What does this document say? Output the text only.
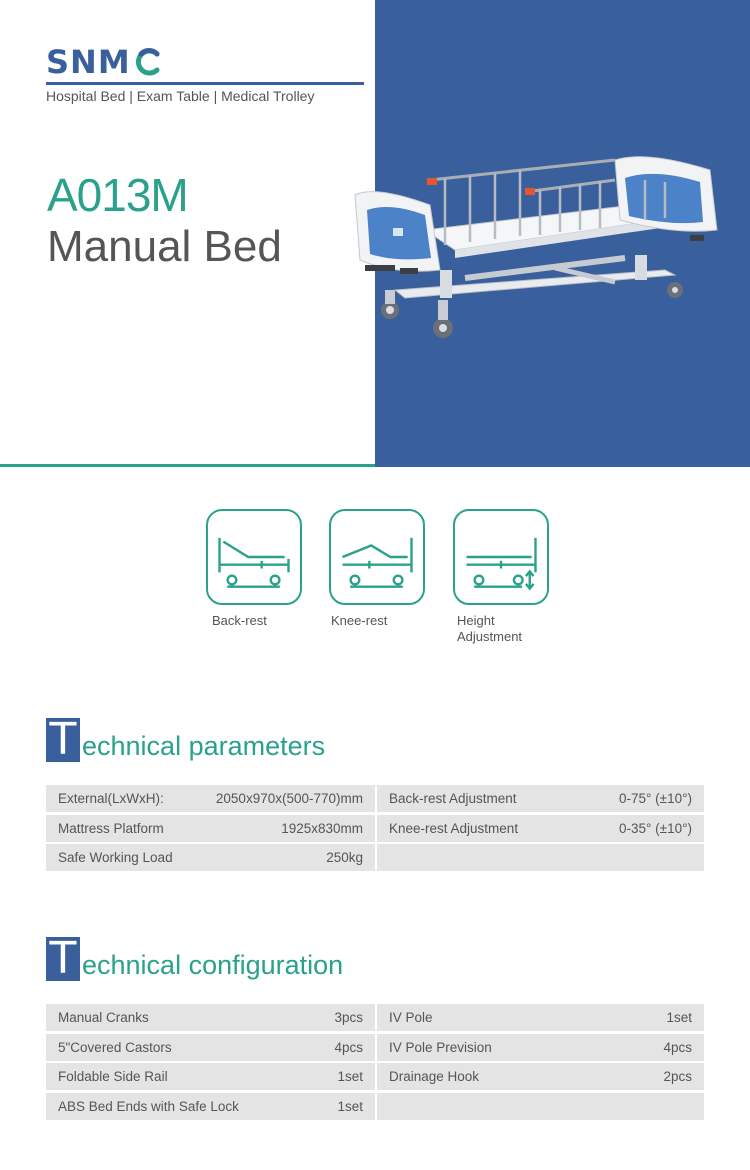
SNM
Hospital Bed | Exam Table | Medical Trolley
A013M
Manual Bed
Back-rest	Knee-rest	Height
Adjustment
T echnical parameters
External(LxWxH):	2050x970x(500-770)mm Back-rest Adjustment	0-75° (±10°)
Mattress Platform	1925x830mm Knee-rest Adjustment	0-35° (±10°)
Safe Working Load	250kg
T echnical configuration
Manual Cranks	3pcs IV Pole	1set
5"Covered Castors	4pcs IV Pole Prevision	4pcs
Foldable Side Rail	1set Drainage Hook	2pcs
ABS Bed Ends with Safe Lock	1set
